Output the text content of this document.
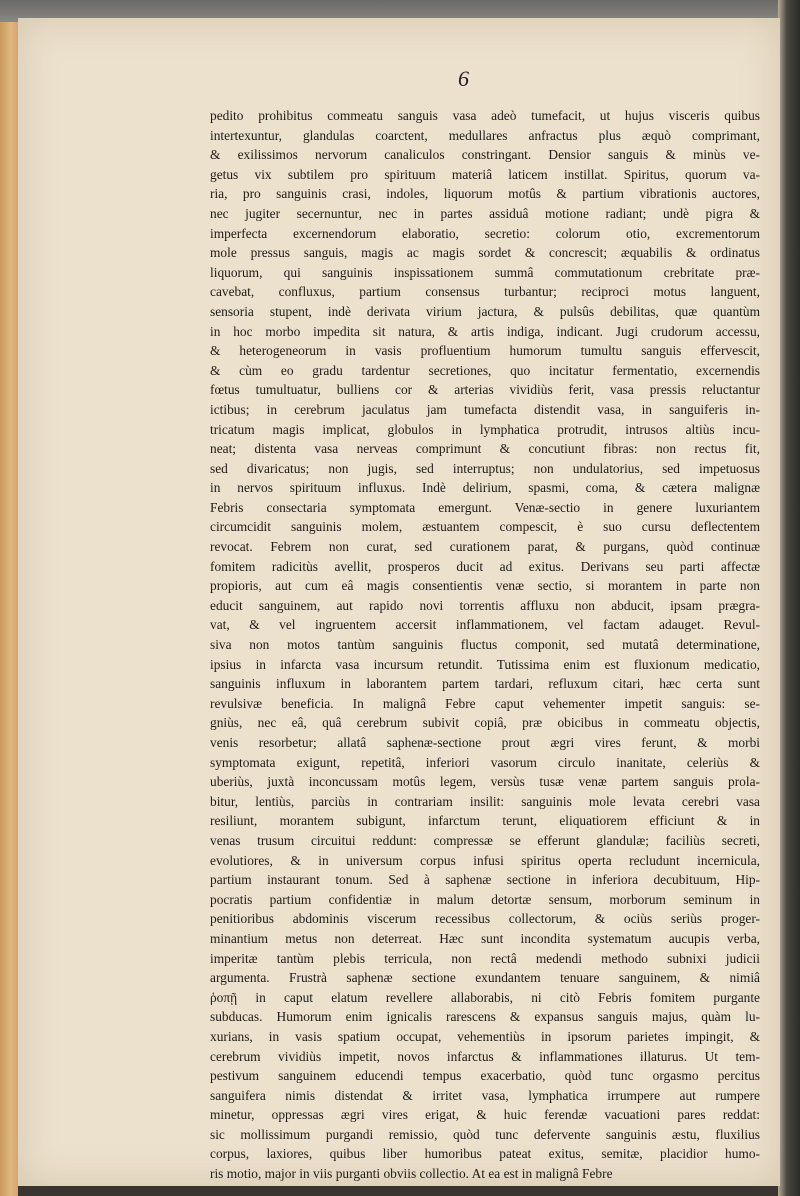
6
pedito prohibitus commeatu sanguis vasa adeò tumefacit, ut hujus visceris quibus
intertexuntur, glandulas coarctent, medullares anfractus plus æquò comprimant,
& exilissimos nervorum canaliculos constringant. Densior sanguis & minùs ve-
getus vix subtilem pro spirituum materiâ laticem instillat. Spiritus, quorum va-
ria, pro sanguinis crasi, indoles, liquorum motûs & partium vibrationis auctores,
nec jugiter secernuntur, nec in partes assiduâ motione radiant; undè pigra &
imperfecta excernendorum elaboratio, secretio: colorum otio, excrementorum
mole pressus sanguis, magis ac magis sordet & concrescit; æquabilis & ordinatus
liquorum, qui sanguinis inspissationem summâ commutationum crebritate præ-
cavebat, confluxus, partium consensus turbantur; reciproci motus languent,
sensoria stupent, indè derivata virium jactura, & pulsûs debilitas, quæ quantùm
in hoc morbo impedita sit natura, & artis indiga, indicant. Jugi crudorum accessu,
& heterogeneorum in vasis profluentium humorum tumultu sanguis effervescit,
& cùm eo gradu tardentur secretiones, quo incitatur fermentatio, excernendis
fœtus tumultuatur, bulliens cor & arterias vividiùs ferit, vasa pressis reluctantur
ictibus; in cerebrum jaculatus jam tumefacta distendit vasa, in sanguiferis in-
tricatum magis implicat, globulos in lymphatica protrudit, intrusos altiùs incu-
neat; distenta vasa nerveas comprimunt & concutiunt fibras: non rectus fit,
sed divaricatus; non jugis, sed interruptus; non undulatorius, sed impetuosus
in nervos spirituum influxus. Indè delirium, spasmi, coma, & cætera malignæ
Febris consectaria symptomata emergunt. Venæ-sectio in genere luxuriantem
circumcidit sanguinis molem, æstuantem compescit, è suo cursu deflectentem
revocat. Febrem non curat, sed curationem parat, & purgans, quòd continuæ
fomitem radicitùs avellit, prosperos ducit ad exitus. Derivans seu parti affectæ
propioris, aut cum eâ magis consentientis venæ sectio, si morantem in parte non
educit sanguinem, aut rapido novi torrentis affluxu non abducit, ipsam prægra-
vat, & vel ingruentem accersit inflammationem, vel factam adauget. Revul-
siva non motos tantùm sanguinis fluctus componit, sed mutatâ determinatione,
ipsius in infarcta vasa incursum retundit. Tutissima enim est fluxionum medicatio,
sanguinis influxum in laborantem partem tardari, refluxum citari, hæc certa sunt
revulsivæ beneficia. In malignâ Febre caput vehementer impetit sanguis: se-
gniùs, nec eâ, quâ cerebrum subivit copiâ, præ obicibus in commeatu objectis,
venis resorbetur; allatâ saphenæ-sectione prout ægri vires ferunt, & morbi
symptomata exigunt, repetitâ, inferiori vasorum circulo inanitate, celeriùs &
uberiùs, juxtà inconcussam motûs legem, versùs tusæ venæ partem sanguis prola-
bitur, lentiùs, parciùs in contrariam insilit: sanguinis mole levata cerebri vasa
resiliunt, morantem subigunt, infarctum terunt, eliquatiorem efficiunt & in
venas trusum circuitui reddunt: compressæ se efferunt glandulæ; faciliùs secreti,
evolutiores, & in universum corpus infusi spiritus operta recludunt incernicula,
partium instaurant tonum. Sed à saphenæ sectione in inferiora decubituum, Hip-
pocratis partium confidentiæ in malum detortæ sensum, morborum seminum in
penitioribus abdominis viscerum recessibus collectorum, & ociùs seriùs proger-
minantium metus non deterreat. Hæc sunt incondita systematum aucupis verba,
imperitæ tantùm plebis terricula, non rectâ medendi methodo subnixi judicii
argumenta. Frustrà saphenæ sectione exundantem tenuare sanguinem, & nimiâ
ῥοπῇ in caput elatum revellere allaborabis, ni citò Febris fomitem purgante
subducas. Humorum enim ignicalis rarescens & expansus sanguis majus, quàm lu-
xurians, in vasis spatium occupat, vehementiùs in ipsorum parietes impingit, &
cerebrum vividiùs impetit, novos infarctus & inflammationes illaturus. Ut tem-
pestivum sanguinem educendi tempus exacerbatio, quòd tunc orgasmo percitus
sanguifera nimis distendat & irritet vasa, lymphatica irrumpere aut rumpere
minetur, oppressas ægri vires erigat, & huic ferendæ vacuationi pares reddat:
sic mollissimum purgandi remissio, quòd tunc defervente sanguinis æstu, fluxilius
corpus, laxiores, quibus liber humoribus pateat exitus, semitæ, placidior humo-
ris motio, major in viis purganti obviis collectio. At ea est in malignâ Febre
